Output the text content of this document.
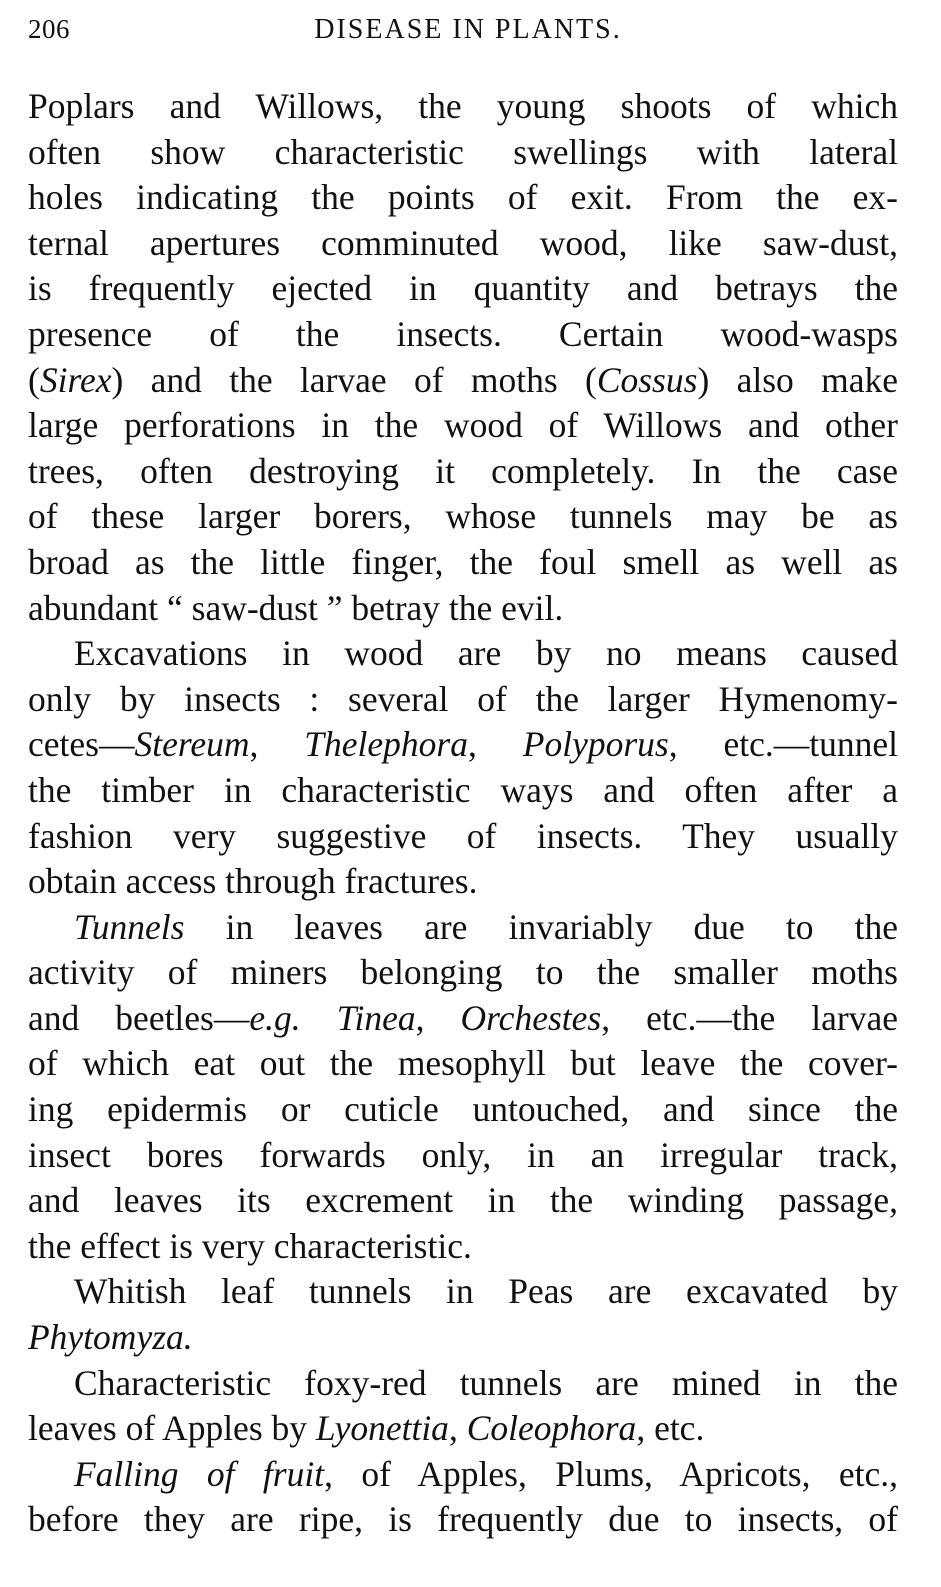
206	DISEASE IN PLANTS.
Poplars and Willows, the young shoots of which
often show characteristic swellings with lateral
holes indicating the points of exit. From the ex-
ternal apertures comminuted wood, like saw-dust,
is frequently ejected in quantity and betrays the
presence of the insects. Certain wood-wasps
(Sirex) and the larvae of moths (Cossus) also make
large perforations in the wood of Willows and other
trees, often destroying it completely. In the case
of these larger borers, whose tunnels may be as
broad as the little finger, the foul smell as well as
abundant “ saw-dust ” betray the evil.
Excavations in wood are by no means caused
only by insects : several of the larger Hymenomy-
cetes—Stereum, Thelephora, Polyporus, etc.—tunnel
the timber in characteristic ways and often after a
fashion very suggestive of insects. They usually
obtain access through fractures.
Tunnels in leaves are invariably due to the
activity of miners belonging to the smaller moths
and beetles—e.g. Tinea, Orchestes, etc.—the larvae
of which eat out the mesophyll but leave the cover-
ing epidermis or cuticle untouched, and since the
insect bores forwards only, in an irregular track,
and leaves its excrement in the winding passage,
the effect is very characteristic.
Whitish leaf tunnels in Peas are excavated by
Phytomyza.
Characteristic foxy-red tunnels are mined in the
leaves of Apples by Lyonettia, Coleophora, etc.
Falling of fruit, of Apples, Plums, Apricots, etc.,
before they are ripe, is frequently due to insects, of
